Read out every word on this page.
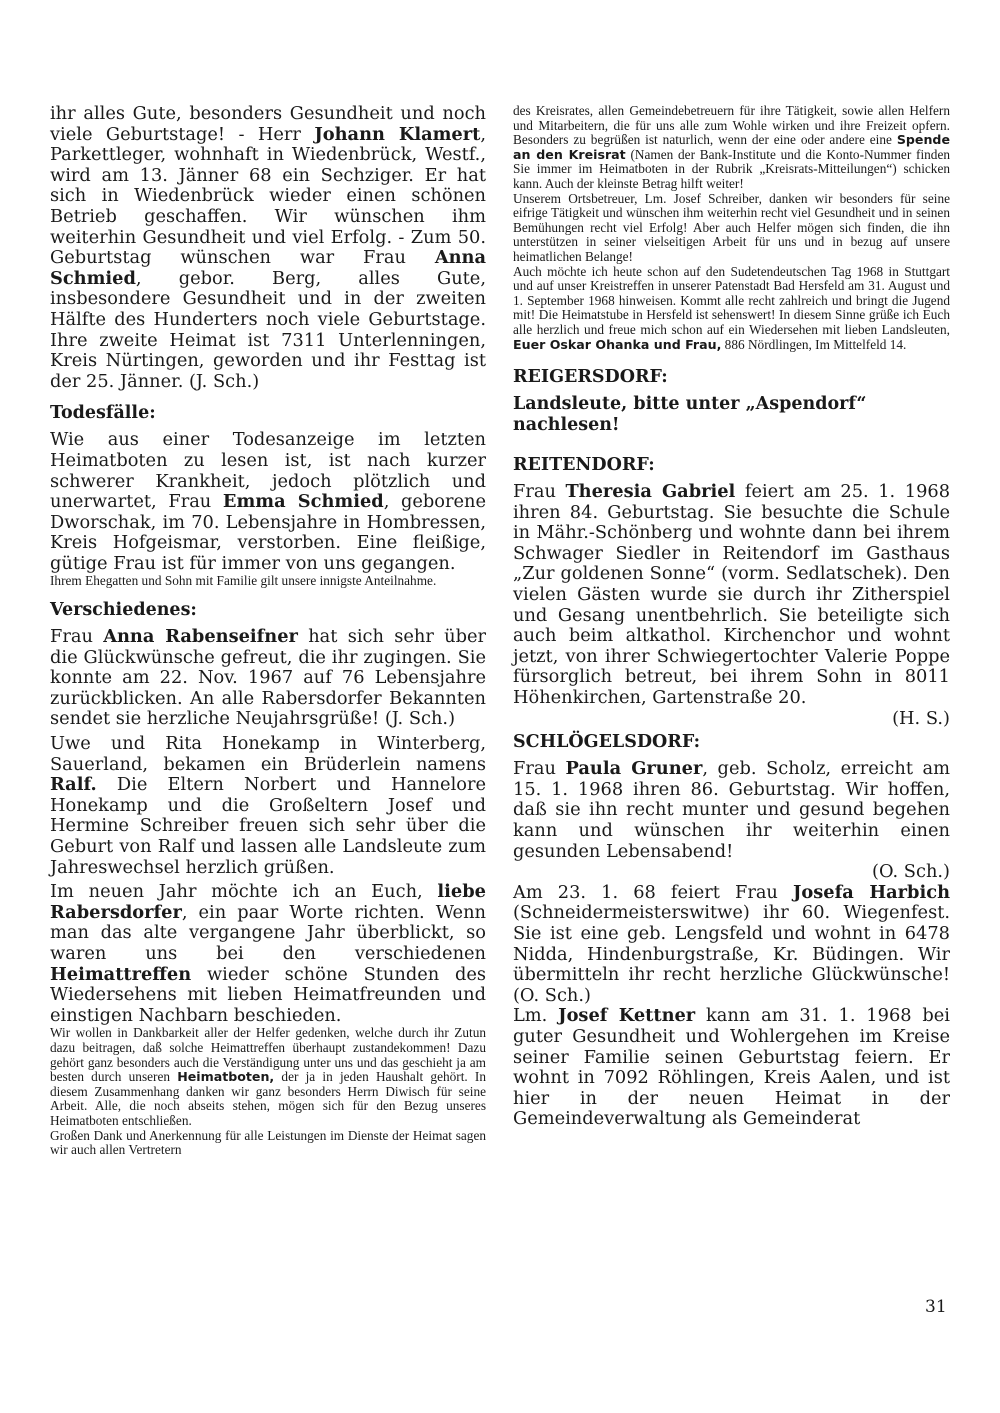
ihr alles Gute, besonders Gesundheit und noch viele Geburtstage! - Herr Johann Klamert, Parkettleger, wohnhaft in Wiedenbrück, Westf., wird am 13. Jänner 68 ein Sechziger. Er hat sich in Wiedenbrück wieder einen schönen Betrieb geschaffen. Wir wünschen ihm weiterhin Gesundheit und viel Erfolg. - Zum 50. Geburtstag wünschen war Frau Anna Schmied, gebor. Berg, alles Gute, insbesondere Gesundheit und in der zweiten Hälfte des Hunderters noch viele Geburtstage. Ihre zweite Heimat ist 7311 Unterlenningen, Kreis Nürtingen, geworden und ihr Festtag ist der 25. Jänner. (J. Sch.)

Todesfälle:

Wie aus einer Todesanzeige im letzten Heimatboten zu lesen ist, ist nach kurzer schwerer Krankheit, jedoch plötzlich und unerwartet, Frau Emma Schmied, geborene Dworschak, im 70. Lebensjahre in Hombressen, Kreis Hofgeismar, verstorben. Eine fleißige, gütige Frau ist für immer von uns gegangen.

Ihrem Ehegatten und Sohn mit Familie gilt unsere innigste Anteilnahme.

Verschiedenes:

Frau Anna Rabenseifner hat sich sehr über die Glückwünsche gefreut, die ihr zugingen. Sie konnte am 22. Nov. 1967 auf 76 Lebensjahre zurückblicken. An alle Rabersdorfer Bekannten sendet sie herzliche Neujahrsgrüße! (J. Sch.)

Uwe und Rita Honekamp in Winterberg, Sauerland, bekamen ein Brüderlein namens Ralf. Die Eltern Norbert und Hannelore Honekamp und die Großeltern Josef und Hermine Schreiber freuen sich sehr über die Geburt von Ralf und lassen alle Landsleute zum Jahreswechsel herzlich grüßen.

Im neuen Jahr möchte ich an Euch, liebe Rabersdorfer, ein paar Worte richten. Wenn man das alte vergangene Jahr überblickt, so waren uns bei den verschiedenen Heimattreffen wieder schöne Stunden des Wiedersehens mit lieben Heimatfreunden und einstigen Nachbarn beschieden.

Wir wollen in Dankbarkeit aller der Helfer gedenken, welche durch ihr Zutun dazu beitragen, daß solche Heimattreffen überhaupt zustandekommen! Dazu gehört ganz besonders auch die Verständigung unter uns und das geschieht ja am besten durch unseren Heimatboten, der ja in jeden Haushalt gehört. In diesem Zusammenhang danken wir ganz besonders Herrn Diwisch für seine Arbeit. Alle, die noch abseits stehen, mögen sich für den Bezug unseres Heimatboten entschließen.

Großen Dank und Anerkennung für alle Leistungen im Dienste der Heimat sagen wir auch allen Vertretern

des Kreisrates, allen Gemeindebetreuern für ihre Tätigkeit, sowie allen Helfern und Mitarbeitern, die für uns alle zum Wohle wirken und ihre Freizeit opfern. Besonders zu begrüßen ist naturlich, wenn der eine oder andere eine Spende an den Kreisrat (Namen der Bank-Institute und die Konto-Nummer finden Sie immer im Heimatboten in der Rubrik „Kreisrats-Mitteilungen“) schicken kann. Auch der kleinste Betrag hilft weiter!

Unserem Ortsbetreuer, Lm. Josef Schreiber, danken wir besonders für seine eifrige Tätigkeit und wünschen ihm weiterhin recht viel Gesundheit und in seinen Bemühungen recht viel Erfolg! Aber auch Helfer mögen sich finden, die ihn unterstützen in seiner vielseitigen Arbeit für uns und in bezug auf unsere heimatlichen Belange!

Auch möchte ich heute schon auf den Sudetendeutschen Tag 1968 in Stuttgart und auf unser Kreistreffen in unserer Patenstadt Bad Hersfeld am 31. August und 1. September 1968 hinweisen. Kommt alle recht zahlreich und bringt die Jugend mit! Die Heimatstube in Hersfeld ist sehenswert! In diesem Sinne grüße ich Euch alle herzlich und freue mich schon auf ein Wiedersehen mit lieben Landsleuten, Euer Oskar Ohanka und Frau, 886 Nördlingen, Im Mittelfeld 14.

REIGERSDORF:
Landsleute, bitte unter „Aspendorf“ nachlesen!
REITENDORF:

Frau Theresia Gabriel feiert am 25. 1. 1968 ihren 84. Geburtstag. Sie besuchte die Schule in Mähr.-Schönberg und wohnte dann bei ihrem Schwager Siedler in Reitendorf im Gasthaus „Zur goldenen Sonne“ (vorm. Sedlatschek). Den vielen Gästen wurde sie durch ihr Zitherspiel und Gesang unentbehrlich. Sie beteiligte sich auch beim altkathol. Kirchenchor und wohnt jetzt, von ihrer Schwiegertochter Valerie Poppe fürsorglich betreut, bei ihrem Sohn in 8011 Höhenkirchen, Gartenstraße 20.

(H. S.)

SCHLÖGELSDORF:

Frau Paula Gruner, geb. Scholz, erreicht am 15. 1. 1968 ihren 86. Geburtstag. Wir hoffen, daß sie ihn recht munter und gesund begehen kann und wünschen ihr weiterhin einen gesunden Lebensabend!

(O. Sch.)

Am 23. 1. 68 feiert Frau Josefa Harbich (Schneidermeisterswitwe) ihr 60. Wiegenfest. Sie ist eine geb. Lengsfeld und wohnt in 6478 Nidda, Hindenburgstraße, Kr. Büdingen. Wir übermitteln ihr recht herzliche Glückwünsche! (O. Sch.)

Lm. Josef Kettner kann am 31. 1. 1968 bei guter Gesundheit und Wohlergehen im Kreise seiner Familie seinen Geburtstag feiern. Er wohnt in 7092 Röhlingen, Kreis Aalen, und ist hier in der neuen Heimat in der Gemeindeverwaltung als Gemeinderat

31
